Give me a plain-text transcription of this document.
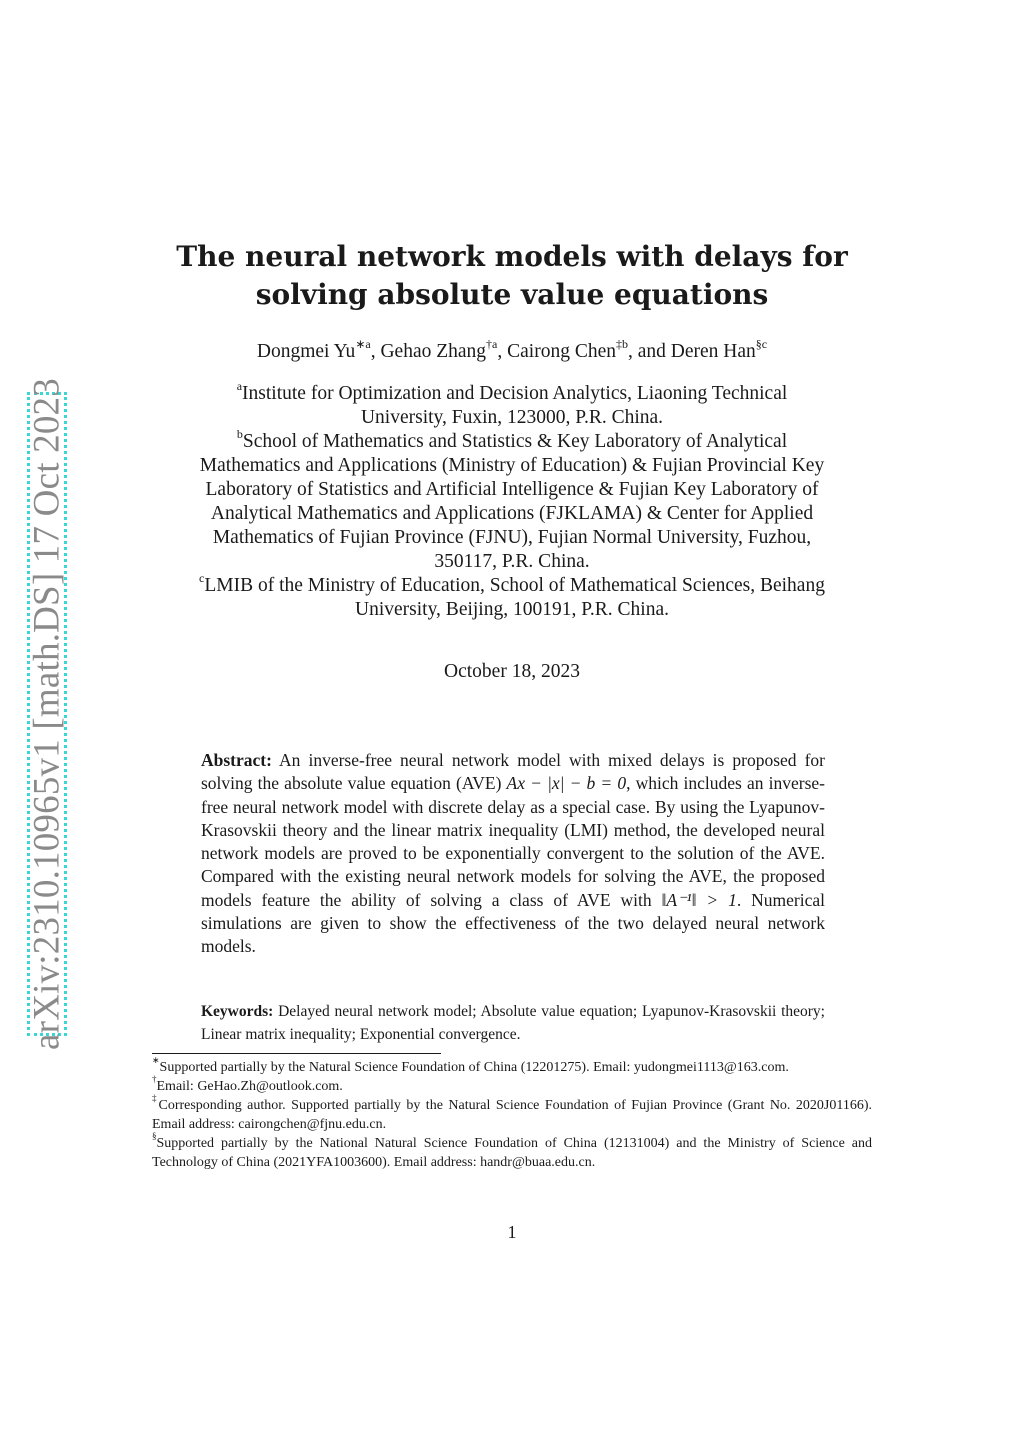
arXiv:2310.10965v1 [math.DS] 17 Oct 2023
The neural network models with delays for
solving absolute value equations
Dongmei $Yu^{∗a}$, Gehao Zhang$^{\dagger a}$, Cairong Chen$^{\ddagger b}$, and Deren Han$^{\S c}$
$^a$Institute for Optimization and Decision Analytics, Liaoning Technical
University, Fuxin, 123000, P.R. China.
$^b$School of Mathematics and Statistics & Key Laboratory of Analytical
Mathematics and Applications (Ministry of Education) & Fujian Provincial Key
Laboratory of Statistics and Artificial Intelligence & Fujian Key Laboratory of
Analytical Mathematics and Applications (FJKLAMA) & Center for Applied
Mathematics of Fujian Province (FJNU), Fujian Normal University, Fuzhou,
350117, P.R. China.
$^c$LMIB of the Ministry of Education, School of Mathematical Sciences, Beihang
University, Beijing, 100191, P.R. China.
October 18, 2023
Abstract: An inverse-free neural network model with mixed delays is proposed for solving the absolute value equation (AVE) Ax − |x| − b = 0, which includes an inverse-free neural network model with discrete delay as a special case. By using the Lyapunov-Krasovskii theory and the linear matrix inequality (LMI) method, the developed neural network models are proved to be exponentially convergent to the solution of the AVE. Compared with the existing neural network models for solving the AVE, the proposed models feature the ability of solving a class of AVE with ‖A⁻¹‖ > 1. Numerical simulations are given to show the effectiveness of the two delayed neural network models.
Keywords: Delayed neural network model; Absolute value equation; Lyapunov-Krasovskii theory; Linear matrix inequality; Exponential convergence.
∗Supported partially by the Natural Science Foundation of China (12201275). Email: yudongmei1113@163.com.
†Email: GeHao.Zh@outlook.com.
‡Corresponding author. Supported partially by the Natural Science Foundation of Fujian Province (Grant No. 2020J01166). Email address: cairongchen@fjnu.edu.cn.
§Supported partially by the National Natural Science Foundation of China (12131004) and the Ministry of Science and Technology of China (2021YFA1003600). Email address: handr@buaa.edu.cn.
1
